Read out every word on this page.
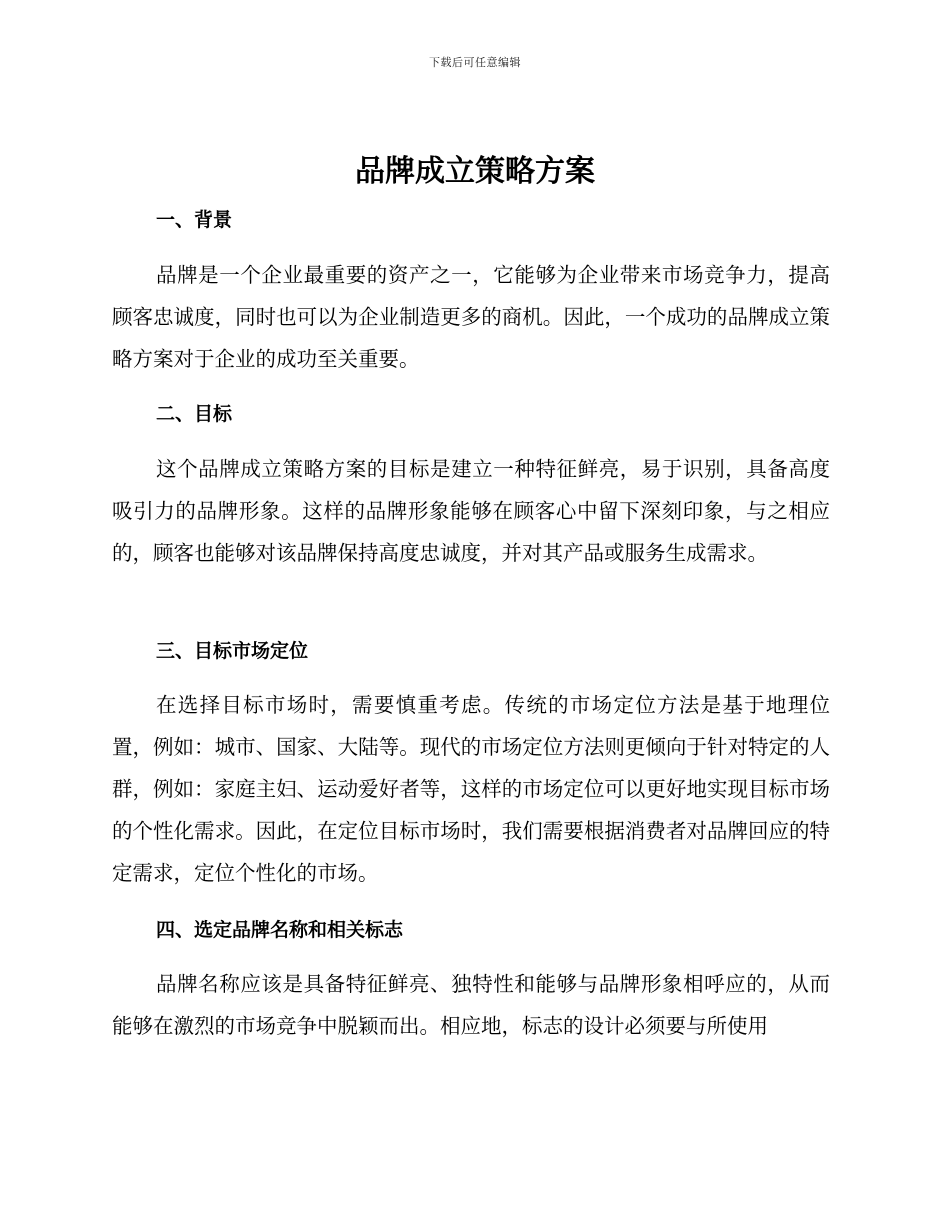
下载后可任意编辑
品牌成立策略方案
一、背景

品牌是一个企业最重要的资产之一，它能够为企业带来市场竞争力，提高顾客忠诚度，同时也可以为企业制造更多的商机。因此，一个成功的品牌成立策略方案对于企业的成功至关重要。

二、目标

这个品牌成立策略方案的目标是建立一种特征鲜亮，易于识别，具备高度吸引力的品牌形象。这样的品牌形象能够在顾客心中留下深刻印象，与之相应的，顾客也能够对该品牌保持高度忠诚度，并对其产品或服务生成需求。

三、目标市场定位

在选择目标市场时，需要慎重考虑。传统的市场定位方法是基于地理位置，例如：城市、国家、大陆等。现代的市场定位方法则更倾向于针对特定的人群，例如：家庭主妇、运动爱好者等，这样的市场定位可以更好地实现目标市场的个性化需求。因此，在定位目标市场时，我们需要根据消费者对品牌回应的特定需求，定位个性化的市场。

四、选定品牌名称和相关标志

品牌名称应该是具备特征鲜亮、独特性和能够与品牌形象相呼应的，从而能够在激烈的市场竞争中脱颖而出。相应地，标志的设计必须要与所使用
